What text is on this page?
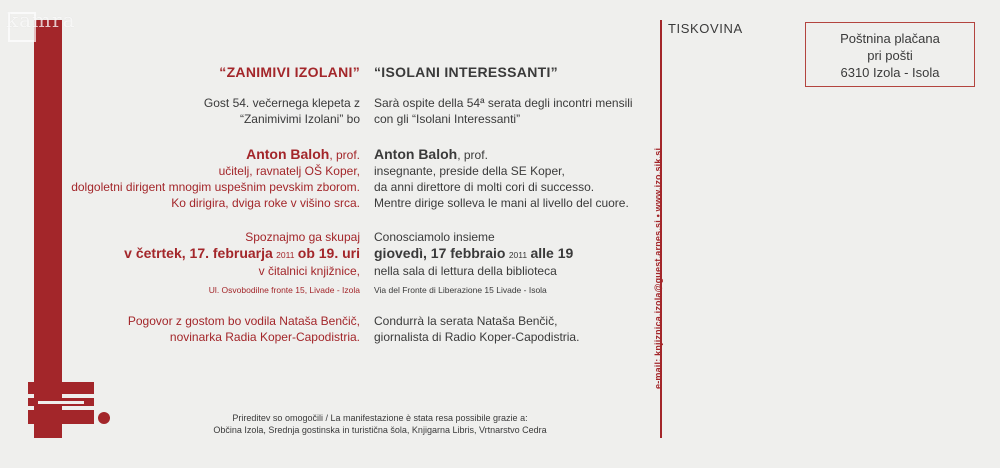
kamra
“ZANIMIVI IZOLANI” “ISOLANI INTERESSANTI”
Gost 54. večernega klepeta z
“Zanimivimi Izolani” bo
Sarà ospite della 54ª serata degli incontri mensili
con gli “Isolani Interessanti”
Anton Baloh, prof.
učitelj, ravnatelj OŠ Koper,
dolgoletni dirigent mnogim uspešnim pevskim zborom.
Ko dirigira, dviga roke v višino srca.
Anton Baloh, prof.
insegnante, preside della SE Koper,
da anni direttore di molti cori di successo.
Mentre dirige solleva le mani al livello del cuore.
Spoznajmo ga skupaj
v četrtek, 17. februarja 2011 ob 19. uri
v čitalnici knjižnice,
Ul. Osvobodilne fronte 15, Livade - Izola
Conosciamolo insieme
giovedì, 17 febbraio 2011 alle 19
nella sala di lettura della biblioteca
Via del Fronte di Liberazione 15 Livade - Isola
Pogovor z gostom bo vodila Nataša Benčič,
novinarka Radia Koper-Capodistria.
Condurrà la serata Nataša Benčič,
giornalista di Radio Koper-Capodistria.
Prireditev so omogočili / La manifestazione è stata resa possibile grazie a:
Občina Izola, Srednja gostinska in turistična šola, Knjigarna Libris, Vrtnarstvo Cedra
e-mail: knjiznica.izola@guest.arnes.si • www.izo.sik.si
TISKOVINA
Poštnina plačana
pri pošti
6310 Izola - Isola
